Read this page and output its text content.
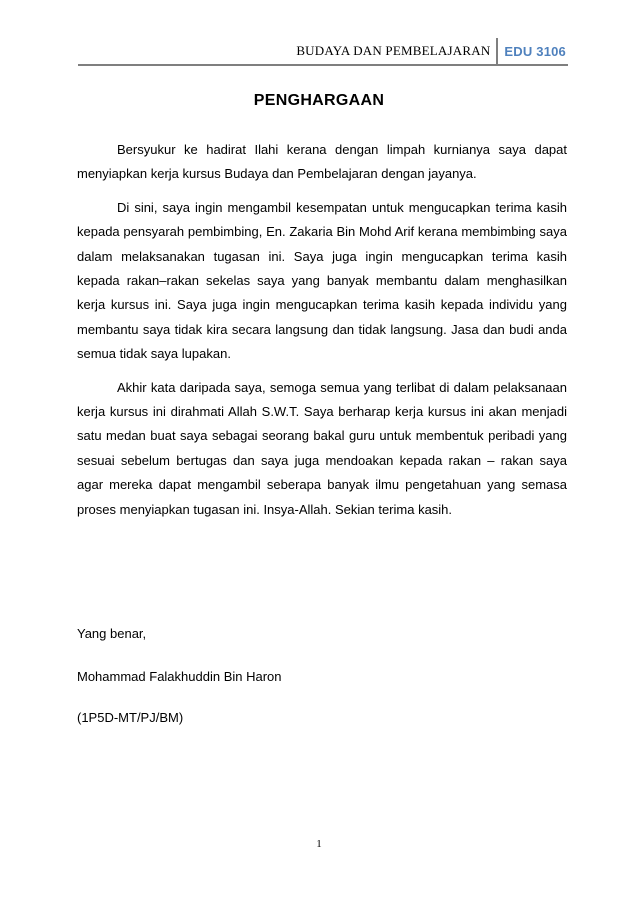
BUDAYA DAN PEMBELAJARAN	EDU 3106
PENGHARGAAN

Bersyukur ke hadirat Ilahi kerana dengan limpah kurnianya saya dapat menyiapkan kerja kursus Budaya dan Pembelajaran dengan jayanya.

Di sini, saya ingin mengambil kesempatan untuk mengucapkan terima kasih kepada pensyarah pembimbing, En. Zakaria Bin Mohd Arif kerana membimbing saya dalam melaksanakan tugasan ini. Saya juga ingin mengucapkan terima kasih kepada rakan–rakan sekelas saya yang banyak membantu dalam menghasilkan kerja kursus ini. Saya juga ingin mengucapkan terima kasih kepada individu yang membantu saya tidak kira secara langsung dan tidak langsung. Jasa dan budi anda semua tidak saya lupakan.

Akhir kata daripada saya, semoga semua yang terlibat di dalam pelaksanaan kerja kursus ini dirahmati Allah S.W.T. Saya berharap kerja kursus ini akan menjadi satu medan buat saya sebagai seorang bakal guru untuk membentuk peribadi yang sesuai sebelum bertugas dan saya juga mendoakan kepada rakan – rakan saya agar mereka dapat mengambil seberapa banyak ilmu pengetahuan yang semasa proses menyiapkan tugasan ini. Insya-Allah. Sekian terima kasih.

Yang benar,
Mohammad Falakhuddin Bin Haron
(1P5D-MT/PJ/BM)
1
